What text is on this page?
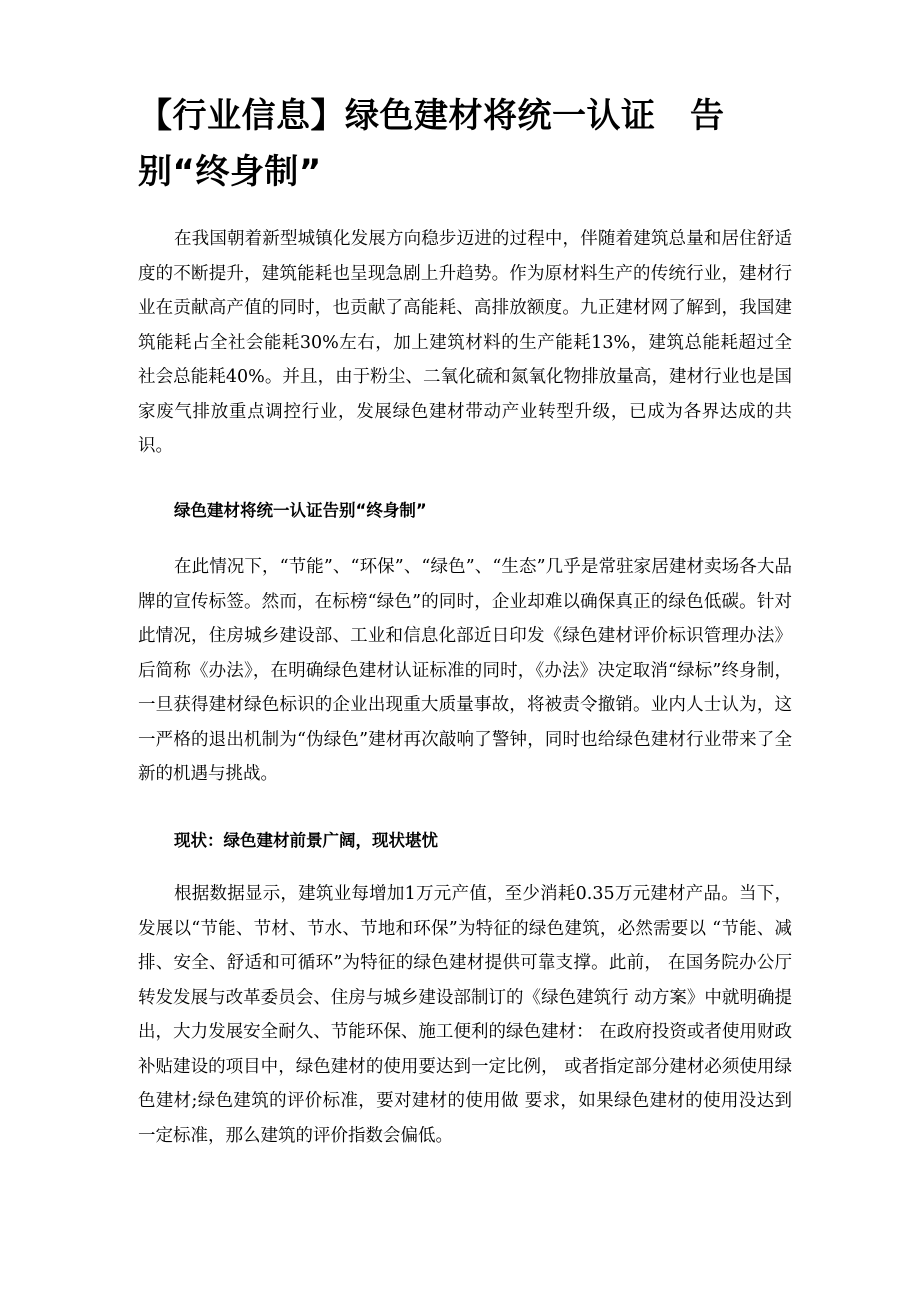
【行业信息】绿色建材将统一认证　告别“终身制”

在我国朝着新型城镇化发展方向稳步迈进的过程中，伴随着建筑总量和居住舒适度的不断提升，建筑能耗也呈现急剧上升趋势。作为原材料生产的传统行业，建材行业在贡献高产值的同时，也贡献了高能耗、高排放额度。九正建材网了解到，我国建筑能耗占全社会能耗30%左右，加上建筑材料的生产能耗13%，建筑总能耗超过全社会总能耗40%。并且，由于粉尘、二氧化硫和氮氧化物排放量高，建材行业也是国家废气排放重点调控行业，发展绿色建材带动产业转型升级，已成为各界达成的共识。

绿色建材将统一认证告别“终身制”

在此情况下，“节能”、“环保”、“绿色”、“生态”几乎是常驻家居建材卖场各大品牌的宣传标签。然而，在标榜“绿色”的同时，企业却难以确保真正的绿色低碳。针对此情况，住房城乡建设部、工业和信息化部近日印发《绿色建材评价标识管理办法》后简称《办法》，在明确绿色建材认证标准的同时，《办法》决定取消“绿标”终身制，一旦获得建材绿色标识的企业出现重大质量事故，将被责令撤销。业内人士认为，这一严格的退出机制为“伪绿色”建材再次敲响了警钟，同时也给绿色建材行业带来了全新的机遇与挑战。

现状：绿色建材前景广阔，现状堪忧

根据数据显示，建筑业每增加1万元产值，至少消耗0.35万元建材产品。当下，发展以“节能、节材、节水、节地和环保”为特征的绿色建筑，必然需要以 “节能、减排、安全、舒适和可循环”为特征的绿色建材提供可靠支撑。此前， 在国务院办公厅转发发展与改革委员会、住房与城乡建设部制订的《绿色建筑行 动方案》中就明确提出，大力发展安全耐久、节能环保、施工便利的绿色建材： 在政府投资或者使用财政补贴建设的项目中，绿色建材的使用要达到一定比例， 或者指定部分建材必须使用绿色建材;绿色建筑的评价标准，要对建材的使用做 要求，如果绿色建材的使用没达到一定标准，那么建筑的评价指数会偏低。
